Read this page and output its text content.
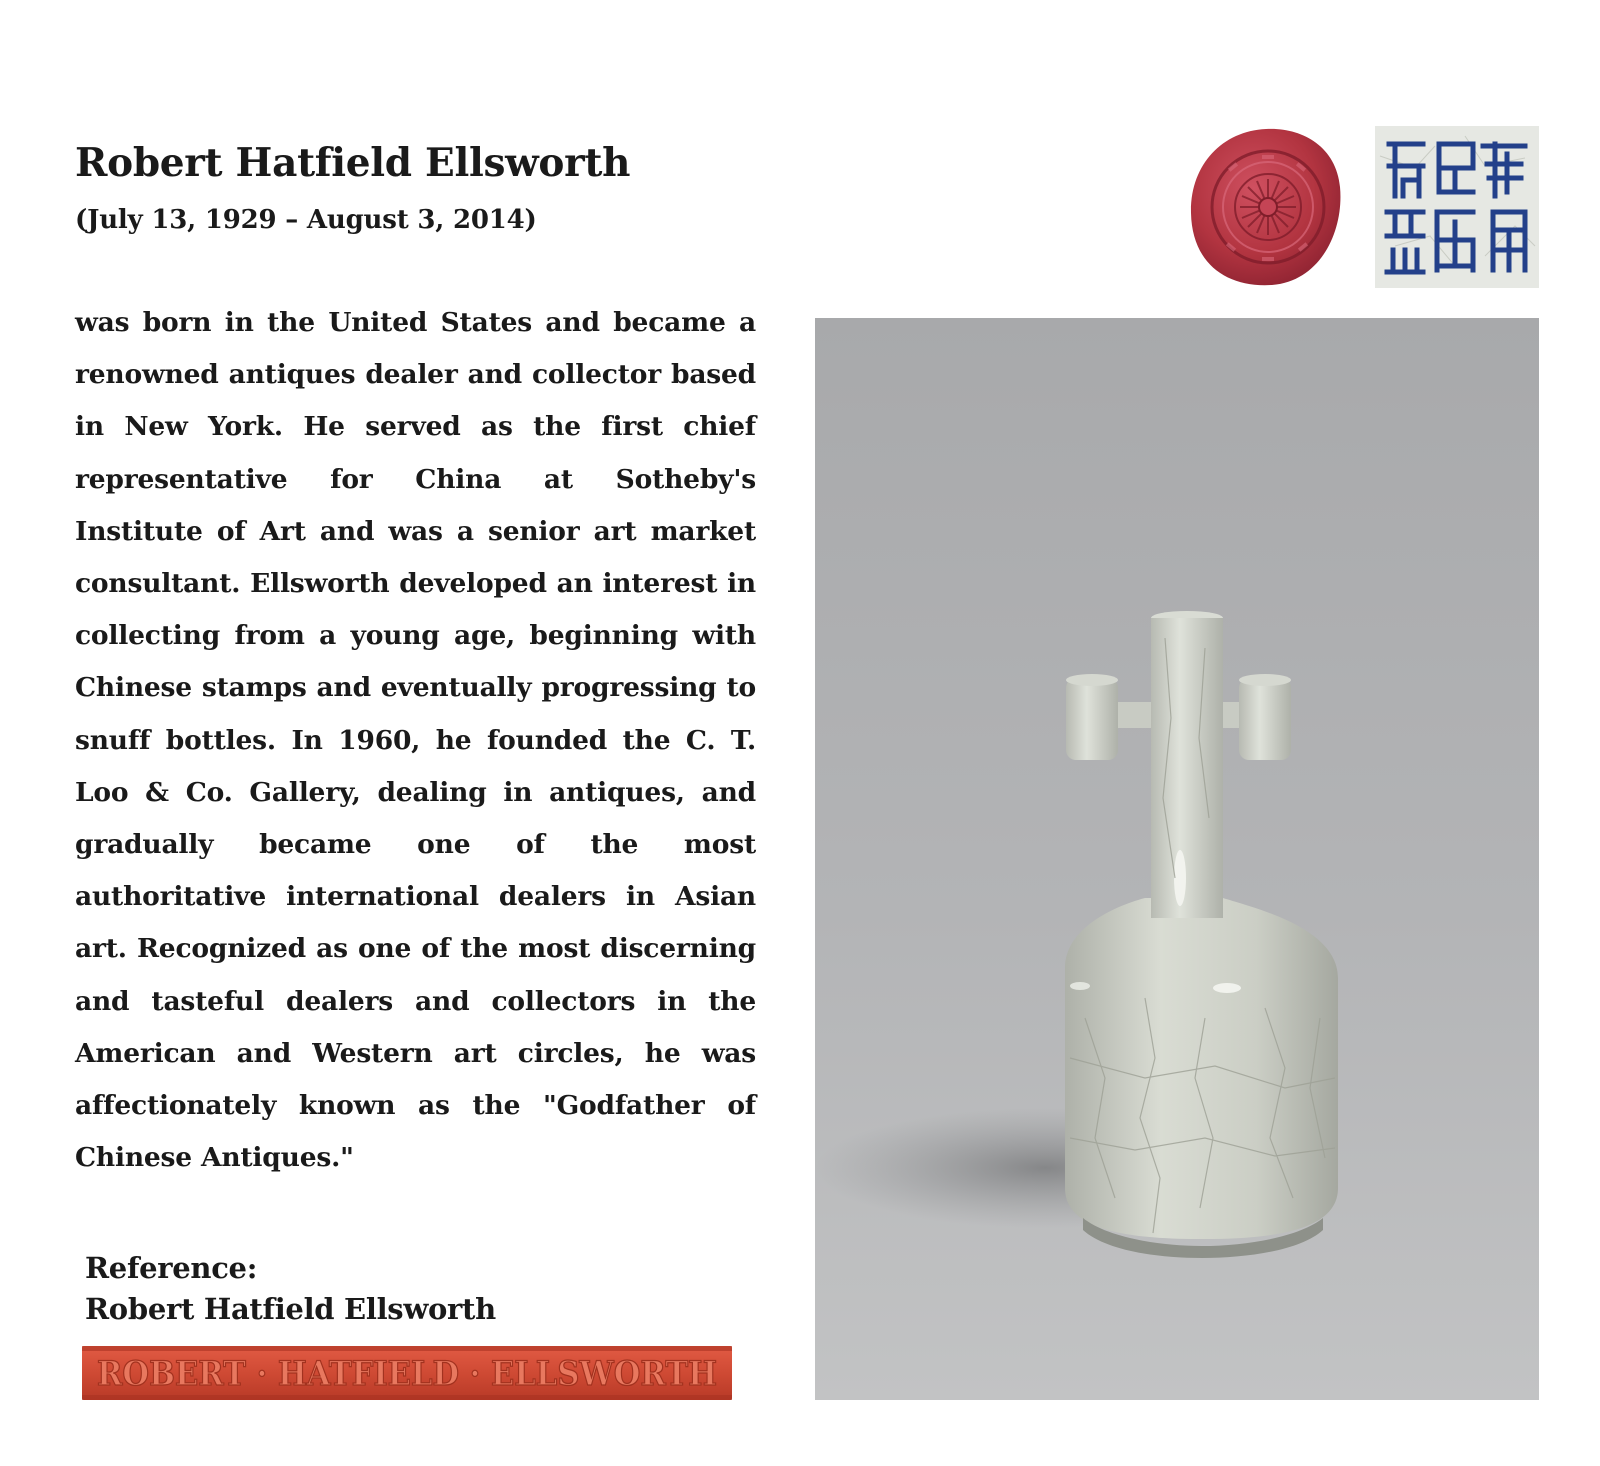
Robert Hatfield Ellsworth

(July 13, 1929 – August 3, 2014)

was born in the United States and became a renowned antiques dealer and collector based in New York. He served as the first chief representative for China at Sotheby's Institute of Art and was a senior art market consultant. Ellsworth developed an interest in collecting from a young age, beginning with Chinese stamps and eventually progressing to snuff bottles. In 1960, he founded the C. T. Loo & Co. Gallery, dealing in antiques, and gradually became one of the most authoritative international dealers in Asian art. Recognized as one of the most discerning and tasteful dealers and collectors in the American and Western art circles, he was affectionately known as the "Godfather of Chinese Antiques."

Reference:

Robert Hatfield Ellsworth

ROBERT · HATFIELD · ELLSWORTH
